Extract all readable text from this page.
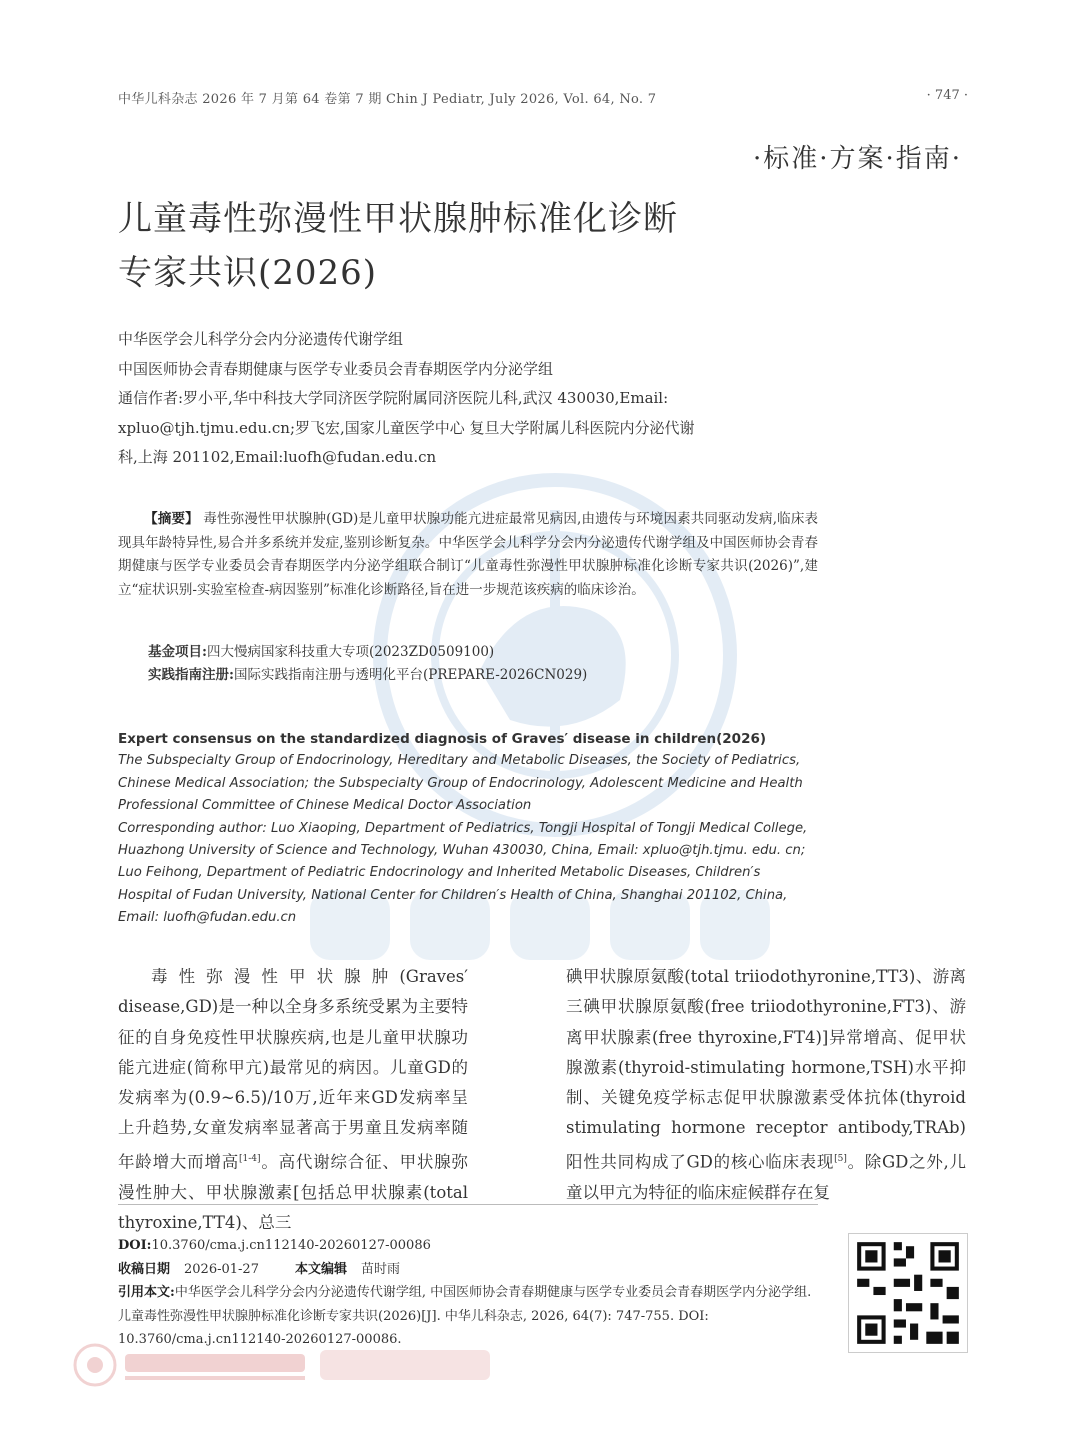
中华儿科杂志 2026 年 7 月第 64 卷第 7 期 Chin J Pediatr, July 2026, Vol. 64, No. 7	· 747 ·
·标准·方案·指南·
儿童毒性弥漫性甲状腺肿标准化诊断
专家共识(2026)
中华医学会儿科学分会内分泌遗传代谢学组
中国医师协会青春期健康与医学专业委员会青春期医学内分泌学组
通信作者:罗小平,华中科技大学同济医学院附属同济医院儿科,武汉 430030,Email:
xpluo@tjh.tjmu.edu.cn;罗飞宏,国家儿童医学中心 复旦大学附属儿科医院内分泌代谢
科,上海 201102,Email:luofh@fudan.edu.cn
【摘要】 毒性弥漫性甲状腺肿(GD)是儿童甲状腺功能亢进症最常见病因,由遗传与环境因素共同驱动发病,临床表现具年龄特异性,易合并多系统并发症,鉴别诊断复杂。中华医学会儿科学分会内分泌遗传代谢学组及中国医师协会青春期健康与医学专业委员会青春期医学内分泌学组联合制订“儿童毒性弥漫性甲状腺肿标准化诊断专家共识(2026)”,建立“症状识别-实验室检查-病因鉴别”标准化诊断路径,旨在进一步规范该疾病的临床诊治。
基金项目:四大慢病国家科技重大专项(2023ZD0509100)
实践指南注册:国际实践指南注册与透明化平台(PREPARE-2026CN029)
Expert consensus on the standardized diagnosis of Graves′ disease in children(2026)
The Subspecialty Group of Endocrinology, Hereditary and Metabolic Diseases, the Society of Pediatrics, Chinese Medical Association; the Subspecialty Group of Endocrinology, Adolescent Medicine and Health Professional Committee of Chinese Medical Doctor Association
Corresponding author: Luo Xiaoping, Department of Pediatrics, Tongji Hospital of Tongji Medical College, Huazhong University of Science and Technology, Wuhan 430030, China, Email: xpluo@tjh.tjmu. edu. cn; Luo Feihong, Department of Pediatric Endocrinology and Inherited Metabolic Diseases, Children′s Hospital of Fudan University, National Center for Children′s Health of China, Shanghai 201102, China, Email: luofh@fudan.edu.cn
毒性弥漫性甲状腺肿(Graves′ disease,GD)是一种以全身多系统受累为主要特征的自身免疫性甲状腺疾病,也是儿童甲状腺功能亢进症(简称甲亢)最常见的病因。儿童GD的发病率为(0.9~6.5)/10万,近年来GD发病率呈上升趋势,女童发病率显著高于男童且发病率随年龄增大而增高[1-4]。高代谢综合征、甲状腺弥漫性肿大、甲状腺激素[包括总甲状腺素(total thyroxine,TT4)、总三
碘甲状腺原氨酸(total triiodothyronine,TT3)、游离三碘甲状腺原氨酸(free triiodothyronine,FT3)、游离甲状腺素(free thyroxine,FT4)]异常增高、促甲状腺激素(thyroid-stimulating hormone,TSH)水平抑制、关键免疫学标志促甲状腺激素受体抗体(thyroid stimulating hormone receptor antibody,TRAb)阳性共同构成了GD的核心临床表现[5]。除GD之外,儿童以甲亢为特征的临床症候群存在复
DOI:10.3760/cma.j.cn112140-20260127-00086
收稿日期 2026-01-27	本文编辑 苗时雨
引用本文:中华医学会儿科学分会内分泌遗传代谢学组, 中国医师协会青春期健康与医学专业委员会青春期医学内分泌学组. 儿童毒性弥漫性甲状腺肿标准化诊断专家共识(2026)[J]. 中华儿科杂志, 2026, 64(7): 747-755. DOI: 10.3760/cma.j.cn112140-20260127-00086.
